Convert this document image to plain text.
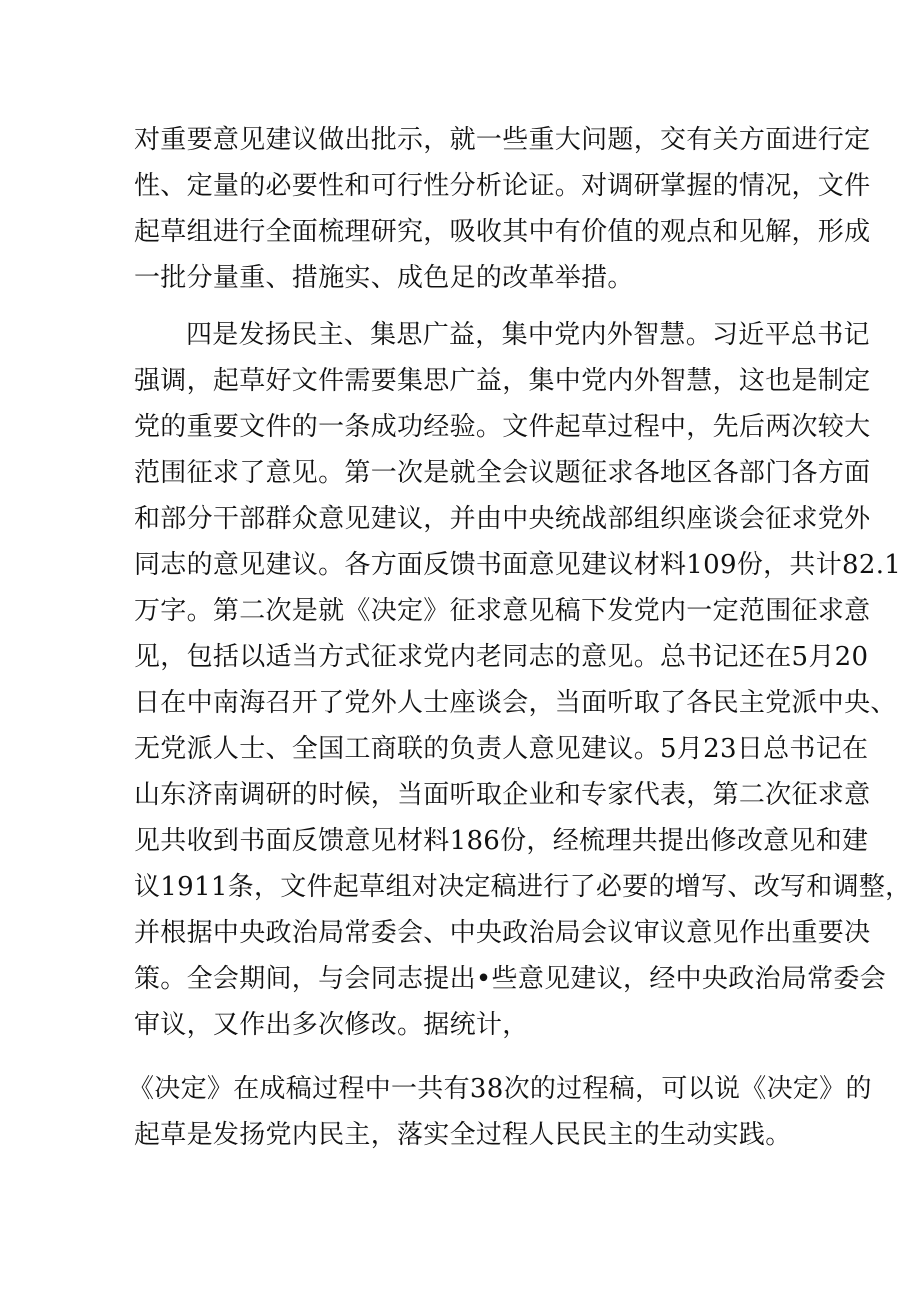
对重要意见建议做出批示，就一些重大问题，交有关方面进行定
性、定量的必要性和可行性分析论证。对调研掌握的情况，文件
起草组进行全面梳理研究，吸收其中有价值的观点和见解，形成
一批分量重、措施实、成色足的改革举措。
四是发扬民主、集思广益，集中党内外智慧。习近平总书记
强调，起草好文件需要集思广益，集中党内外智慧，这也是制定
党的重要文件的一条成功经验。文件起草过程中，先后两次较大
范围征求了意见。第一次是就全会议题征求各地区各部门各方面
和部分干部群众意见建议，并由中央统战部组织座谈会征求党外
同志的意见建议。各方面反馈书面意见建议材料109份，共计82.1
万字。第二次是就《决定》征求意见稿下发党内一定范围征求意
见，包括以适当方式征求党内老同志的意见。总书记还在5月20
日在中南海召开了党外人士座谈会，当面听取了各民主党派中央、
无党派人士、全国工商联的负责人意见建议。5月23日总书记在
山东济南调研的时候，当面听取企业和专家代表，第二次征求意
见共收到书面反馈意见材料186份，经梳理共提出修改意见和建
议1911条，文件起草组对决定稿进行了必要的增写、改写和调整，
并根据中央政治局常委会、中央政治局会议审议意见作出重要决
策。全会期间，与会同志提出•些意见建议，经中央政治局常委会
审议，又作出多次修改。据统计，
《决定》在成稿过程中一共有38次的过程稿，可以说《决定》的
起草是发扬党内民主，落实全过程人民民主的生动实践。
